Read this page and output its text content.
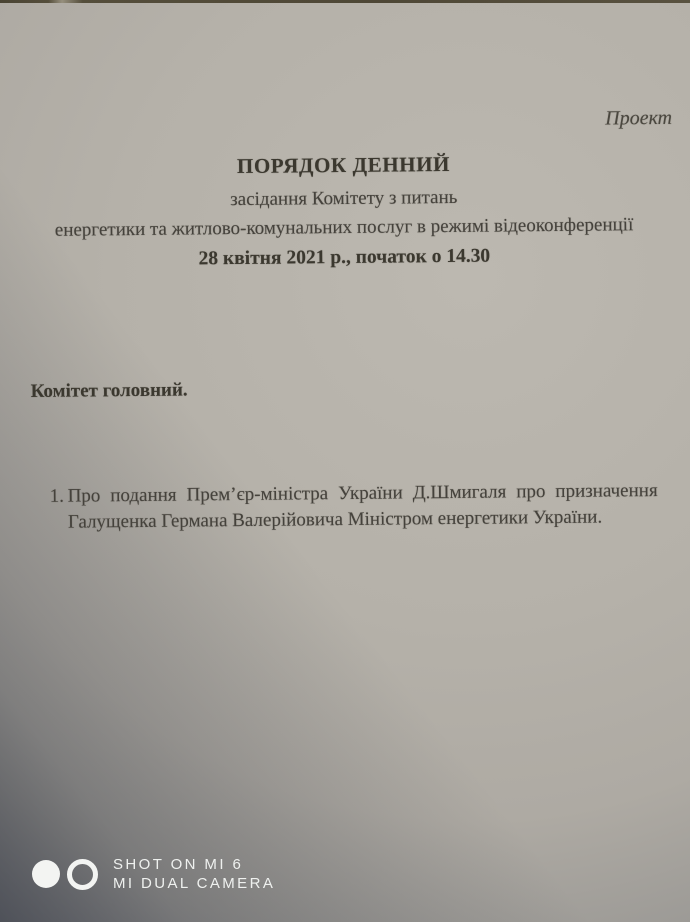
Проект
ПОРЯДОК ДЕННИЙ
засідання Комітету з питань
енергетики та житлово-комунальних послуг в режимі відеоконференції
28 квітня 2021 р., початок о 14.30
Комітет головний.
1. Про подання Прем’єр-міністра України Д.Шмигаля про призначення Галущенка Германа Валерійовича Міністром енергетики України.
SHOT ON MI 6
MI DUAL CAMERA
